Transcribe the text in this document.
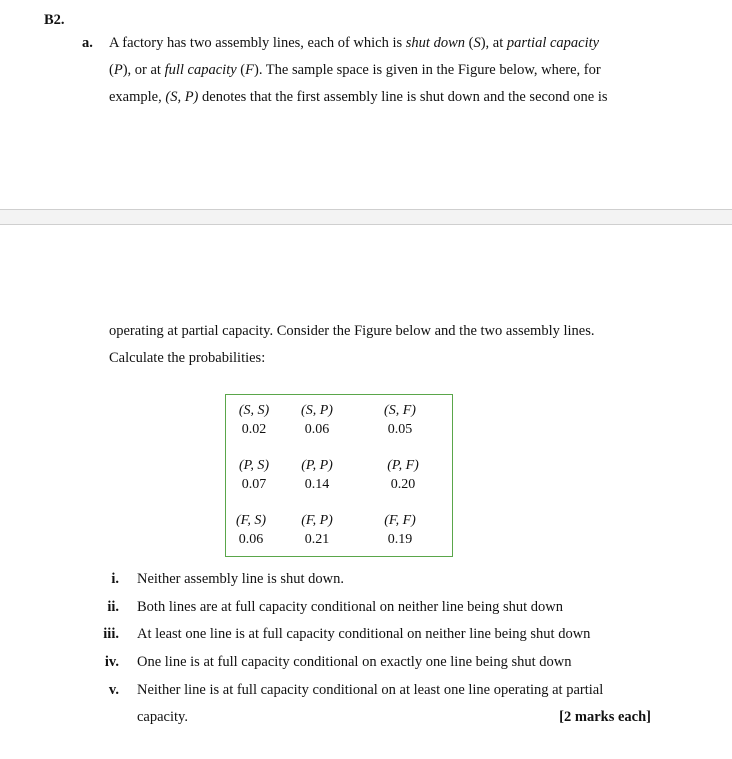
B2.
a. A factory has two assembly lines, each of which is shut down (S), at partial capacity
(P), or at full capacity (F). The sample space is given in the Figure below, where, for
example, (S, P) denotes that the first assembly line is shut down and the second one is
operating at partial capacity. Consider the Figure below and the two assembly lines.
Calculate the probabilities:
(S, S)
0.02
(S, P)
0.06
(S, F)
0.05
(P, S)
0.07
(P, P)
0.14
(P, F)
0.20
(F, S)
0.06
(F, P)
0.21
(F, F)
0.19
i. Neither assembly line is shut down.
ii. Both lines are at full capacity conditional on neither line being shut down
iii. At least one line is at full capacity conditional on neither line being shut down
iv. One line is at full capacity conditional on exactly one line being shut down
v. Neither line is at full capacity conditional on at least one line operating at partial
capacity.	[2 marks each]
